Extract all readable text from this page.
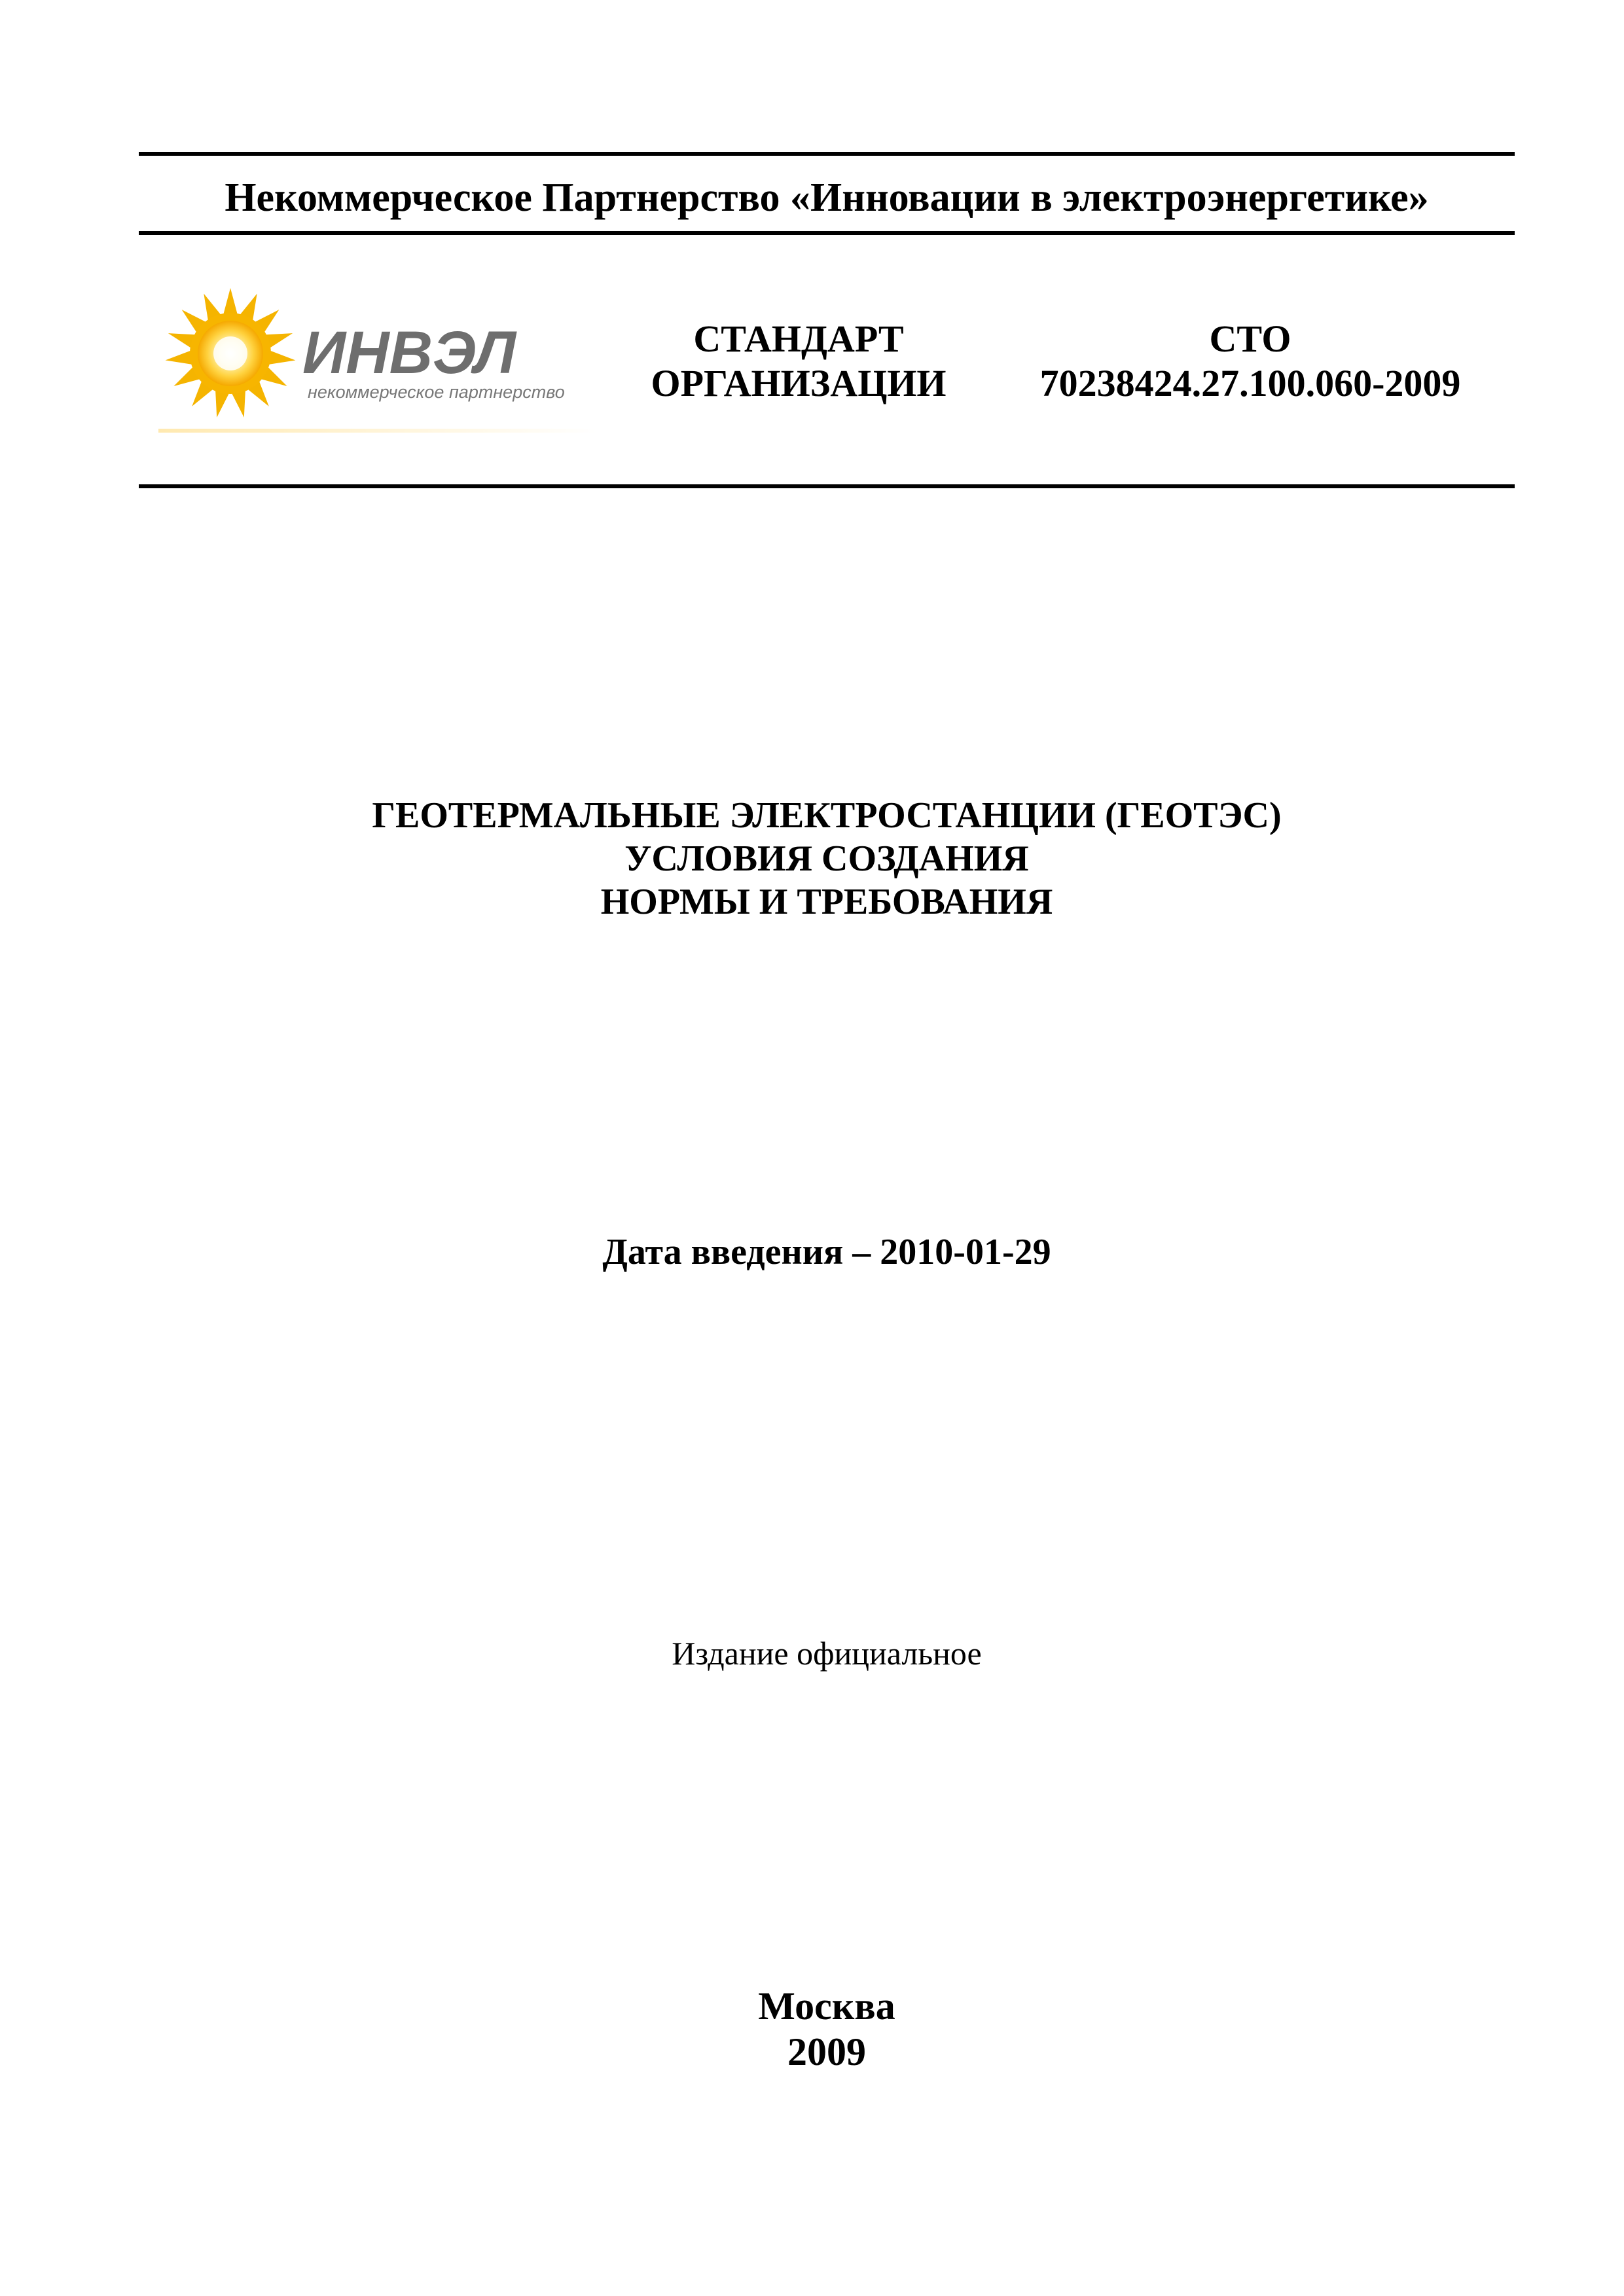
Некоммерческое Партнерство «Инновации в электроэнергетике»
ИНВЭЛ
некоммерческое партнерство
СТАНДАРТ
ОРГАНИЗАЦИИ
СТО
70238424.27.100.060-2009
ГЕОТЕРМАЛЬНЫЕ ЭЛЕКТРОСТАНЦИИ (ГЕОТЭС)
УСЛОВИЯ СОЗДАНИЯ
НОРМЫ И ТРЕБОВАНИЯ
Дата введения – 2010-01-29
Издание официальное
Москва
2009
